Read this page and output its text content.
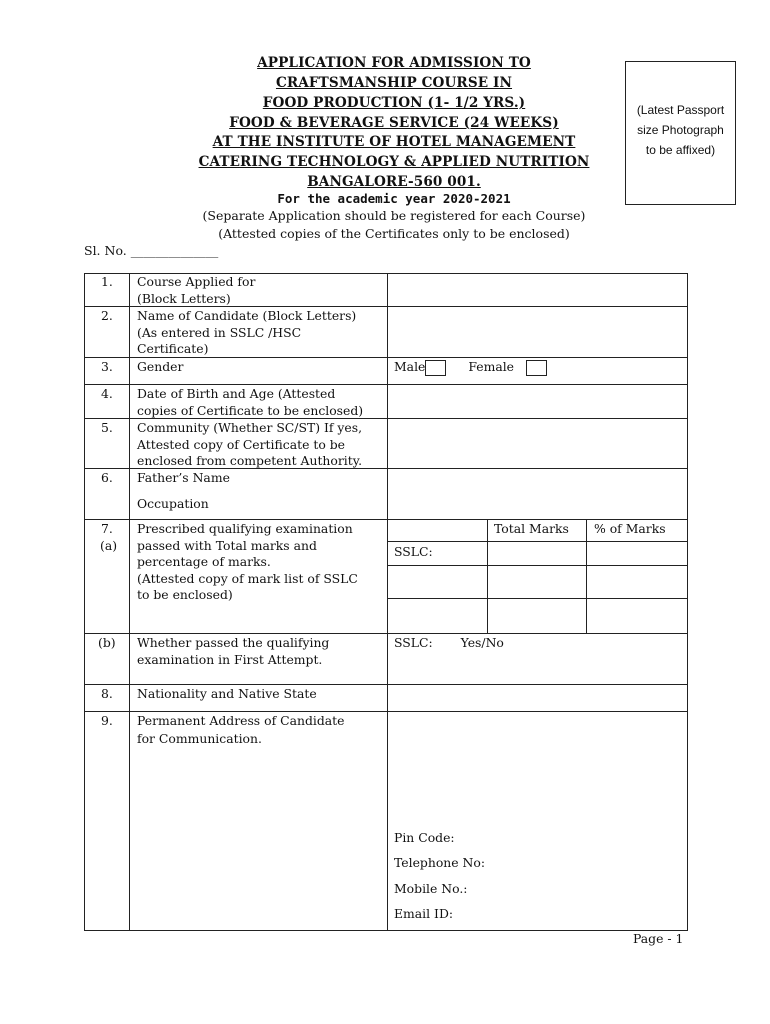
APPLICATION FOR ADMISSION TO
CRAFTSMANSHIP COURSE IN
FOOD PRODUCTION (1- 1/2 YRS.)
FOOD & BEVERAGE SERVICE (24 WEEKS)
AT THE INSTITUTE OF HOTEL MANAGEMENT
CATERING TECHNOLOGY & APPLIED NUTRITION
BANGALORE-560 001.
For the academic year 2020-2021
(Separate Application should be registered for each Course)
(Attested copies of the Certificates only to be enclosed)
Sl. No. ______________
(Latest Passport
size Photograph
to be affixed)
1. Course Applied for
(Block Letters)
2. Name of Candidate (Block Letters)
(As entered in SSLC /HSC
Certificate)
3. Gender	Male	Female
4. Date of Birth and Age (Attested
copies of Certificate to be enclosed)
5. Community (Whether SC/ST) If yes,
Attested copy of Certificate to be
enclosed from competent Authority.
6. Father’s Name
Occupation
7.
(a)
Prescribed qualifying examination
passed with Total marks and
percentage of marks.
(Attested copy of mark list of SSLC
to be enclosed)
Total Marks % of Marks
SSLC:
(b) Whether passed the qualifying
examination in First Attempt.
SSLC: Yes/No
8. Nationality and Native State
9. Permanent Address of Candidate
for Communication.
Pin Code:
Telephone No:
Mobile No.:
Email ID:
Page - 1
